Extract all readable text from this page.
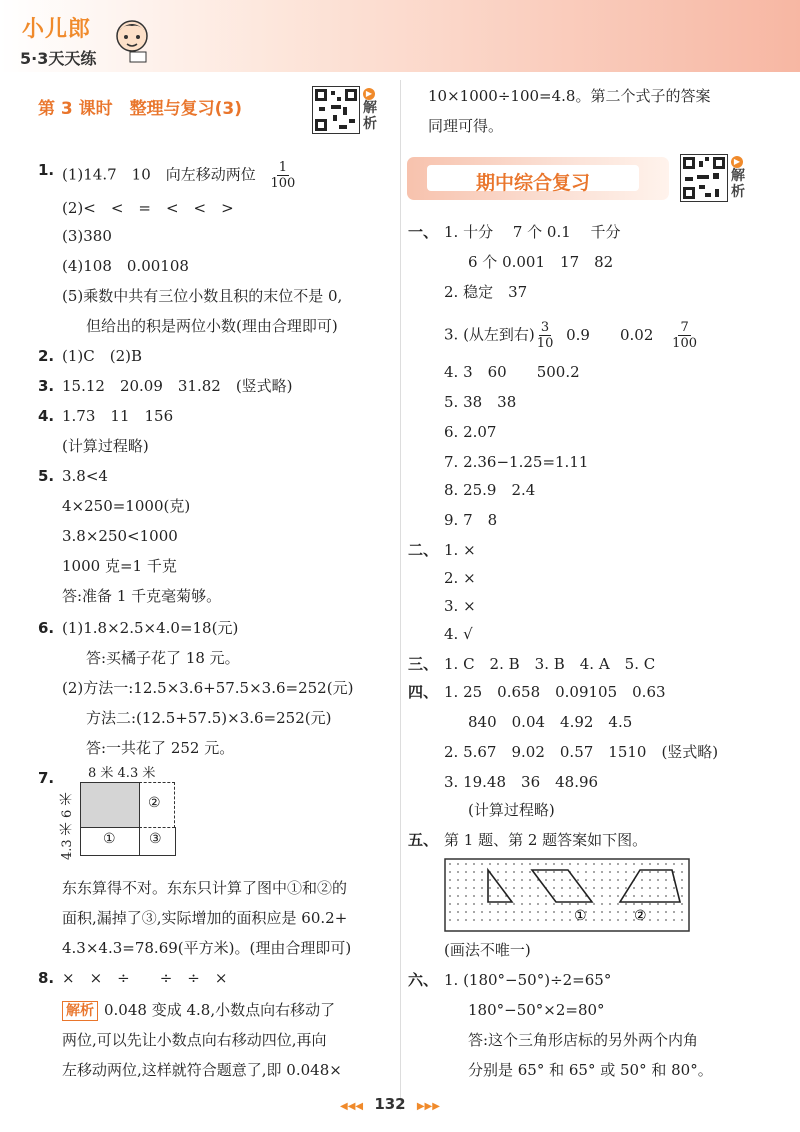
小儿郎
5·3天天练
第 3 课时　整理与复习(3)
▶
解析
1. (1)14.7　10　向左移动两位 $\frac{1}{100}$
(2)<　<　=　<　<　>
(3)380
(4)108　0.00108
(5)乘数中共有三位小数且积的末位不是 0,
但给出的积是两位小数(理由合理即可)
2. (1)C　(2)B
3. 15.12　20.09　31.82　(竖式略)
4. 1.73　11　156
(计算过程略)
5. 3.8<4
4×250=1000(克)
3.8×250<1000
1000 克=1 千克
答:准备 1 千克毫菊够。
6. (1)1.8×2.5×4.0=18(元)
答:买橘子花了 18 元。
(2)方法一:12.5×3.6+57.5×3.6=252(元)
方法二:(12.5+57.5)×3.6=252(元)
答:一共花了 252 元。
7.	8 米 4.3 米
4.3 米 6 米	②
① ③
东东算得不对。东东只计算了图中①和②的
面积,漏掉了③,实际增加的面积应是 60.2+
4.3×4.3=78.69(平方米)。(理由合理即可)
8. ×　×　÷　　÷　÷　×
解析 0.048 变成 4.8,小数点向右移动了
两位,可以先让小数点向右移动四位,再向
左移动两位,这样就符合题意了,即 0.048×
10×1000÷100=4.8。第二个式子的答案
同理可得。
期中综合复习
▶
解析
一、 1. 十分　 7 个 0.1　 千分
6 个 0.001　17　82
2. 稳定　37
3. (从左到右) $\frac{3}{10} 0.9$　　$0.02 \frac{7}{100}$
4. 3　60　　500.2
5. 38　38
6. 2.07
7. 2.36−1.25=1.11
8. 25.9　2.4
9. 7　8
二、 1. ×
2. ×
3. ×
4. √
三、 1. C　2. B　3. B　4. A　5. C
四、 1. 25　0.658　0.09105　0.63
840　0.04　4.92　4.5
2. 5.67　9.02　0.57　1510　(竖式略)
3. 19.48　36　48.96
(计算过程略)
五、 第 1 题、第 2 题答案如下图。
①	②
(画法不唯一)
六、 1. (180°−50°)÷2=65°
180°−50°×2=80°
答:这个三角形店标的另外两个内角
分别是 65° 和 65° 或 50° 和 80°。
◀◀◀ 132 ▶▶▶
